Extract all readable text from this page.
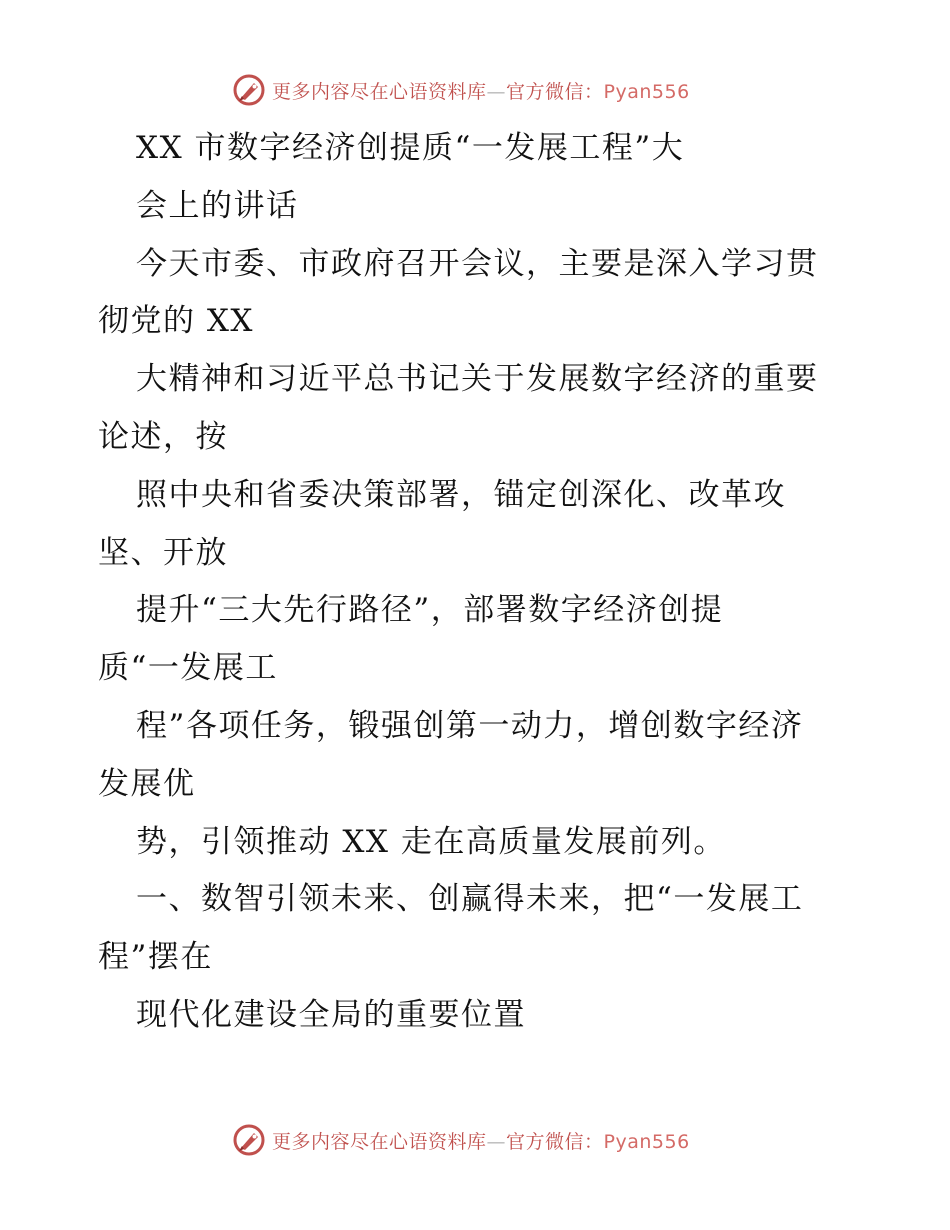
更多内容尽在心语资料库—官方微信：Pyan556
XX 市数字经济创提质“一发展工程”大
会上的讲话
今天市委、市政府召开会议，主要是深入学习贯
彻党的 XX
大精神和习近平总书记关于发展数字经济的重要
论述，按
照中央和省委决策部署，锚定创深化、改革攻
坚、开放
提升“三大先行路径”，部署数字经济创提
质“一发展工
程”各项任务，锻强创第一动力，增创数字经济
发展优
势，引领推动 XX 走在高质量发展前列。
一、数智引领未来、创赢得未来，把“一发展工
程”摆在
现代化建设全局的重要位置
更多内容尽在心语资料库—官方微信：Pyan556
